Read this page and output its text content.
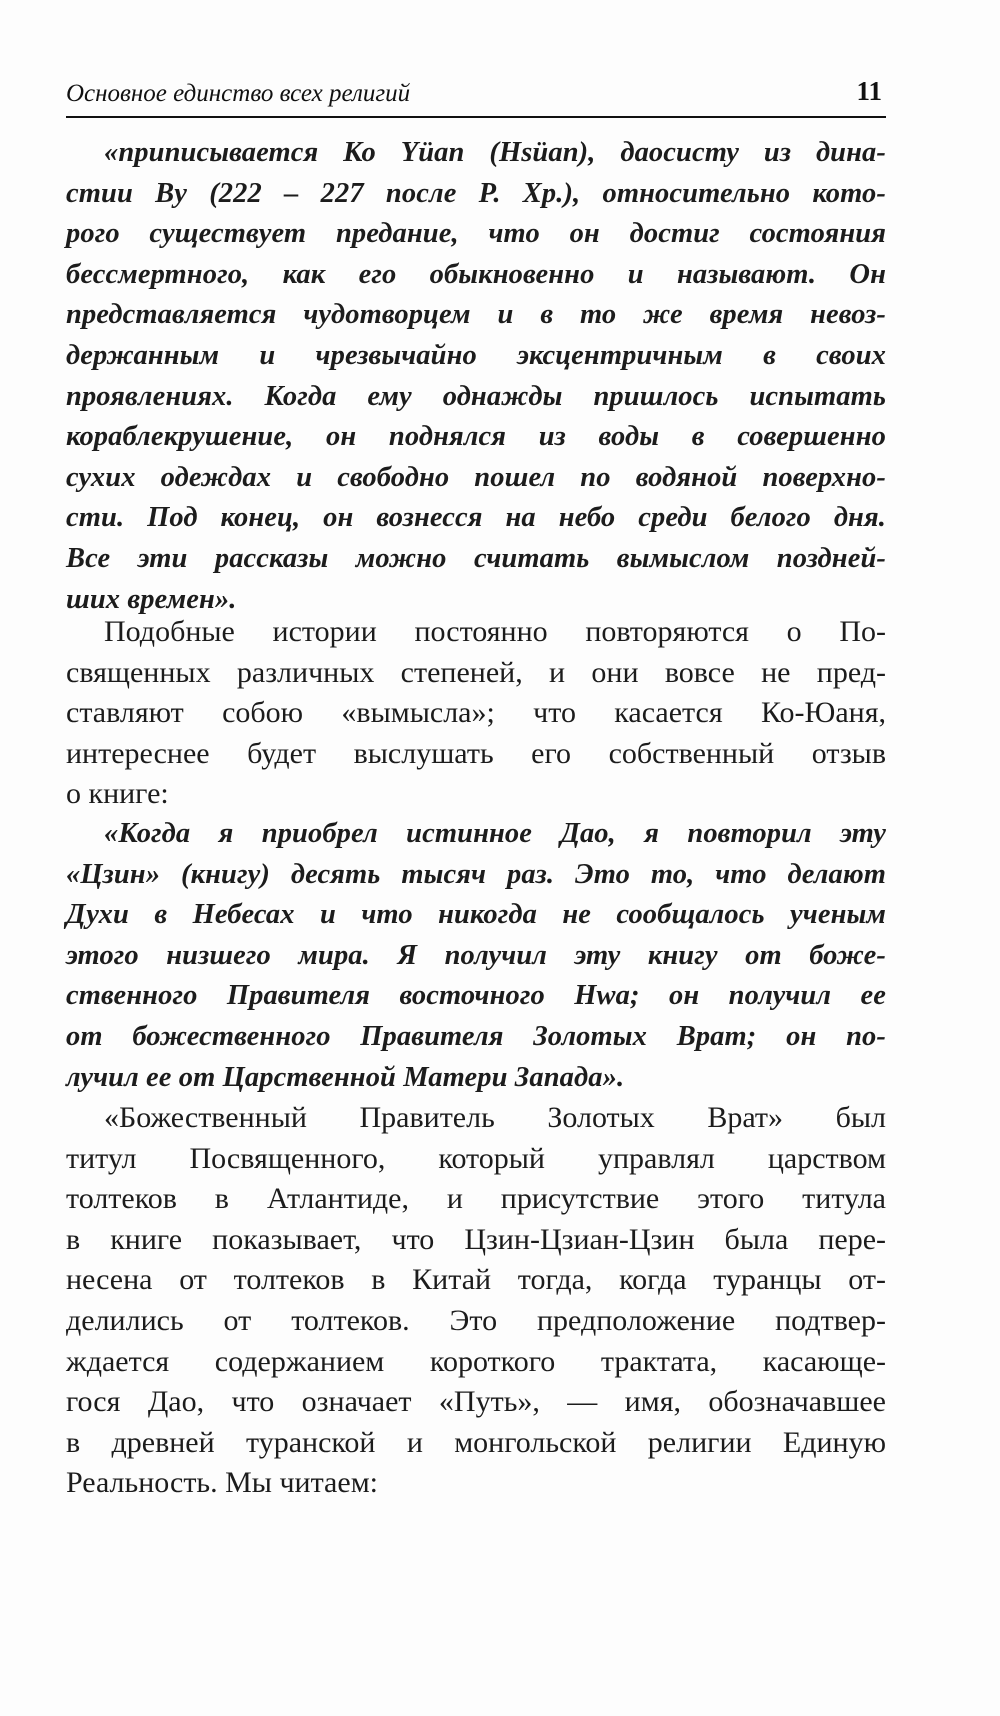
Основное единство всех религий	11
«приписывается Ко Yüan (Hsüan), даосисту из дина-
стии Ву (222 – 227 после Р. Хр.), относительно кото-
рого существует предание, что он достиг состояния
бессмертного, как его обыкновенно и называют. Он
представляется чудотворцем и в то же время невоз-
держанным и чрезвычайно эксцентричным в своих
проявлениях. Когда ему однажды пришлось испытать
кораблекрушение, он поднялся из воды в совершенно
сухих одеждах и свободно пошел по водяной поверхно-
сти. Под конец, он вознесся на небо среди белого дня.
Все эти рассказы можно считать вымыслом поздней-
ших времен».
Подобные истории постоянно повторяются о По-
священных различных степеней, и они вовсе не пред-
ставляют собою «вымысла»; что касается Ко-Юаня,
интереснее будет выслушать его собственный отзыв
о книге:
«Когда я приобрел истинное Дао, я повторил эту
«Цзин» (книгу) десять тысяч раз. Это то, что делают
Духи в Небесах и что никогда не сообщалось ученым
этого низшего мира. Я получил эту книгу от боже-
ственного Правителя восточного Hwa; он получил ее
от божественного Правителя Золотых Врат; он по-
лучил ее от Царственной Матери Запада».
«Божественный Правитель Золотых Врат» был
титул Посвященного, который управлял царством
толтеков в Атлантиде, и присутствие этого титула
в книге показывает, что Цзин-Цзиан-Цзин была пере-
несена от толтеков в Китай тогда, когда туранцы от-
делились от толтеков. Это предположение подтвер-
ждается содержанием короткого трактата, касающе-
гося Дао, что означает «Путь», — имя, обозначавшее
в древней туранской и монгольской религии Единую
Реальность. Мы читаем:
